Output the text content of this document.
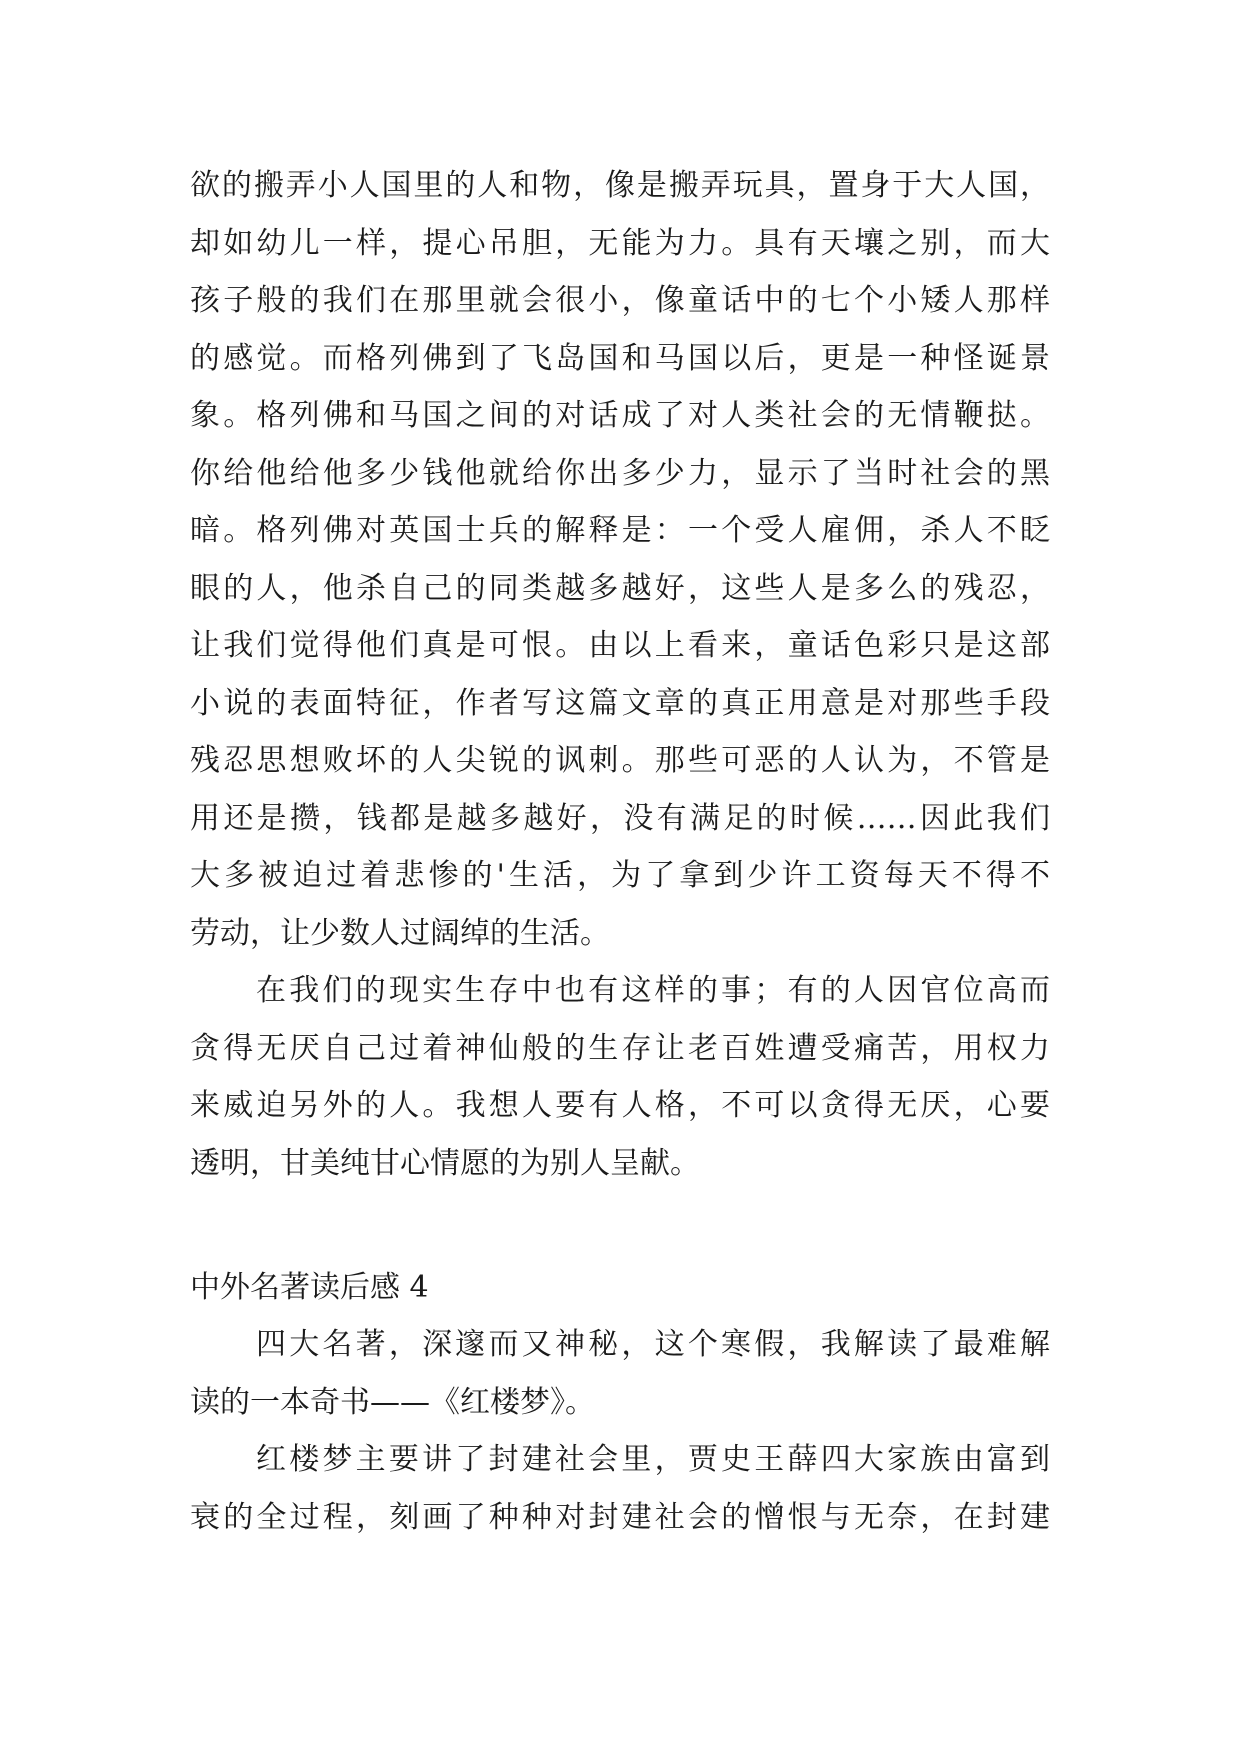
欲的搬弄小人国里的人和物，像是搬弄玩具，置身于大人国，
却如幼儿一样，提心吊胆，无能为力。具有天壤之别，而大
孩子般的我们在那里就会很小，像童话中的七个小矮人那样
的感觉。而格列佛到了飞岛国和马国以后，更是一种怪诞景
象。格列佛和马国之间的对话成了对人类社会的无情鞭挞。
你给他给他多少钱他就给你出多少力，显示了当时社会的黑
暗。格列佛对英国士兵的解释是：一个受人雇佣，杀人不眨
眼的人，他杀自己的同类越多越好，这些人是多么的残忍，
让我们觉得他们真是可恨。由以上看来，童话色彩只是这部
小说的表面特征，作者写这篇文章的真正用意是对那些手段
残忍思想败坏的人尖锐的讽刺。那些可恶的人认为，不管是
用还是攒，钱都是越多越好，没有满足的时候……因此我们
大多被迫过着悲惨的'生活，为了拿到少许工资每天不得不
劳动，让少数人过阔绰的生活。
在我们的现实生存中也有这样的事；有的人因官位高而
贪得无厌自己过着神仙般的生存让老百姓遭受痛苦，用权力
来威迫另外的人。我想人要有人格，不可以贪得无厌，心要
透明，甘美纯甘心情愿的为别人呈献。
中外名著读后感 4
四大名著，深邃而又神秘，这个寒假，我解读了最难解
读的一本奇书——《红楼梦》。
红楼梦主要讲了封建社会里，贾史王薛四大家族由富到
衰的全过程，刻画了种种对封建社会的憎恨与无奈，在封建
